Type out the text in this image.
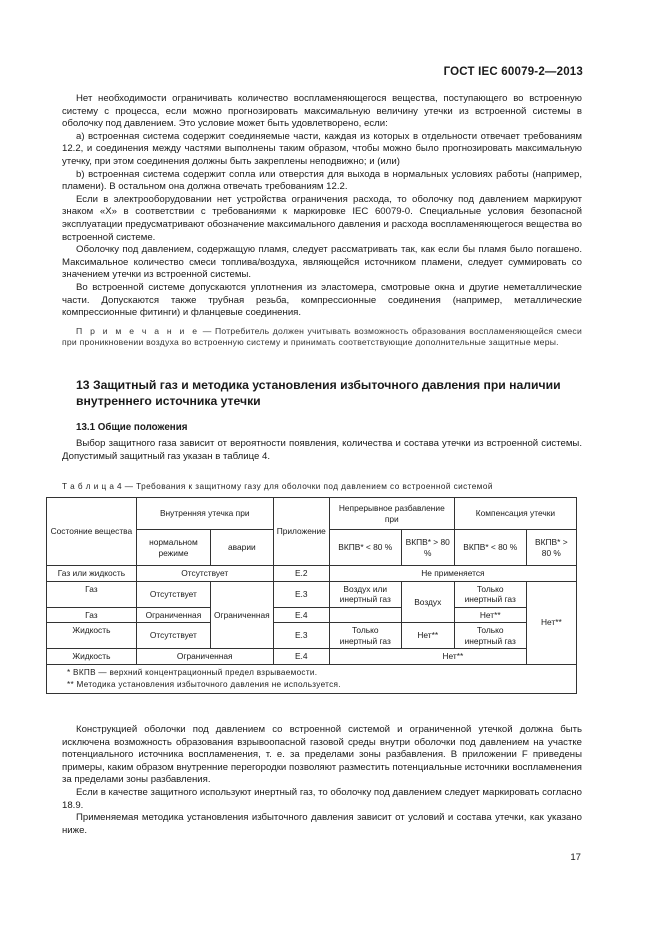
ГОСТ IEC 60079-2—2013

Нет необходимости ограничивать количество воспламеняющегося вещества, поступающего во встроенную систему с процесса, если можно прогнозировать максимальную величину утечки из встроенной системы в оболочку под давлением. Это условие может быть удовлетворено, если:

а) встроенная система содержит соединяемые части, каждая из которых в отдельности отвечает требованиям 12.2, и соединения между частями выполнены таким образом, чтобы можно было прогнозировать максимальную утечку, при этом соединения должны быть закреплены неподвижно; и (или)

b) встроенная система содержит сопла или отверстия для выхода в нормальных условиях работы (например, пламени). В остальном она должна отвечать требованиям 12.2.

Если в электрооборудовании нет устройства ограничения расхода, то оболочку под давлением маркируют знаком «X» в соответствии с требованиями к маркировке IEC 60079-0. Специальные условия безопасной эксплуатации предусматривают обозначение максимального давления и расхода воспламеняющегося вещества во встроенной системе.

Оболочку под давлением, содержащую пламя, следует рассматривать так, как если бы пламя было погашено. Максимальное количество смеси топлива/воздуха, являющейся источником пламени, следует суммировать со значением утечки из встроенной системы.

Во встроенной системе допускаются уплотнения из эластомера, смотровые окна и другие неметаллические части. Допускаются также трубная резьба, компрессионные соединения (например, металлические компрессионные фитинги) и фланцевые соединения.

П р и м е ч а н и е — Потребитель должен учитывать возможность образования воспламеняющейся смеси при проникновении воздуха во встроенную систему и принимать соответствующие дополнительные защитные меры.

13 Защитный газ и методика установления избыточного давления при наличии внутреннего источника утечки
13.1 Общие положения

Выбор защитного газа зависит от вероятности появления, количества и состава утечки из встроенной системы. Допустимый защитный газ указан в таблице 4.

Т а б л и ц а 4 — Требования к защитному газу для оболочки под давлением со встроенной системой
Состояние вещества	Внутренняя утечка при		Приложение	Непрерывное разбавление при		Компенсация утечки	
	нормальном режиме	аварии		ВКПВ* < 80 %	ВКПВ* > 80 %	ВКПВ* < 80 %	ВКПВ* > 80 %
Газ или жидкость	Отсутствует		Е.2	Не применяется			
Газ	Отсутствует	Ограниченная	Е.3	Воздух или инертный газ	Воздух	Только инертный газ	Нет**
Газ	Ограниченная		Е.4			Нет**	
Жидкость	Отсутствует		Е.3	Только инертный газ	Нет**	Только инертный газ	
Жидкость	Ограниченная		Е.4	Нет**			

* ВКПВ — верхний концентрационный предел взрываемости.
** Методика установления избыточного давления не используется.							

Конструкцией оболочки под давлением со встроенной системой и ограниченной утечкой должна быть исключена возможность образования взрывоопасной газовой среды внутри оболочки под давлением на участке потенциального источника воспламенения, т. е. за пределами зоны разбавления. В приложении F приведены примеры, каким образом внутренние перегородки позволяют разместить потенциальные источники воспламенения за пределами зоны разбавления.

Если в качестве защитного используют инертный газ, то оболочку под давлением следует маркировать согласно 18.9.

Применяемая методика установления избыточного давления зависит от условий и состава утечки, как указано ниже.

17
